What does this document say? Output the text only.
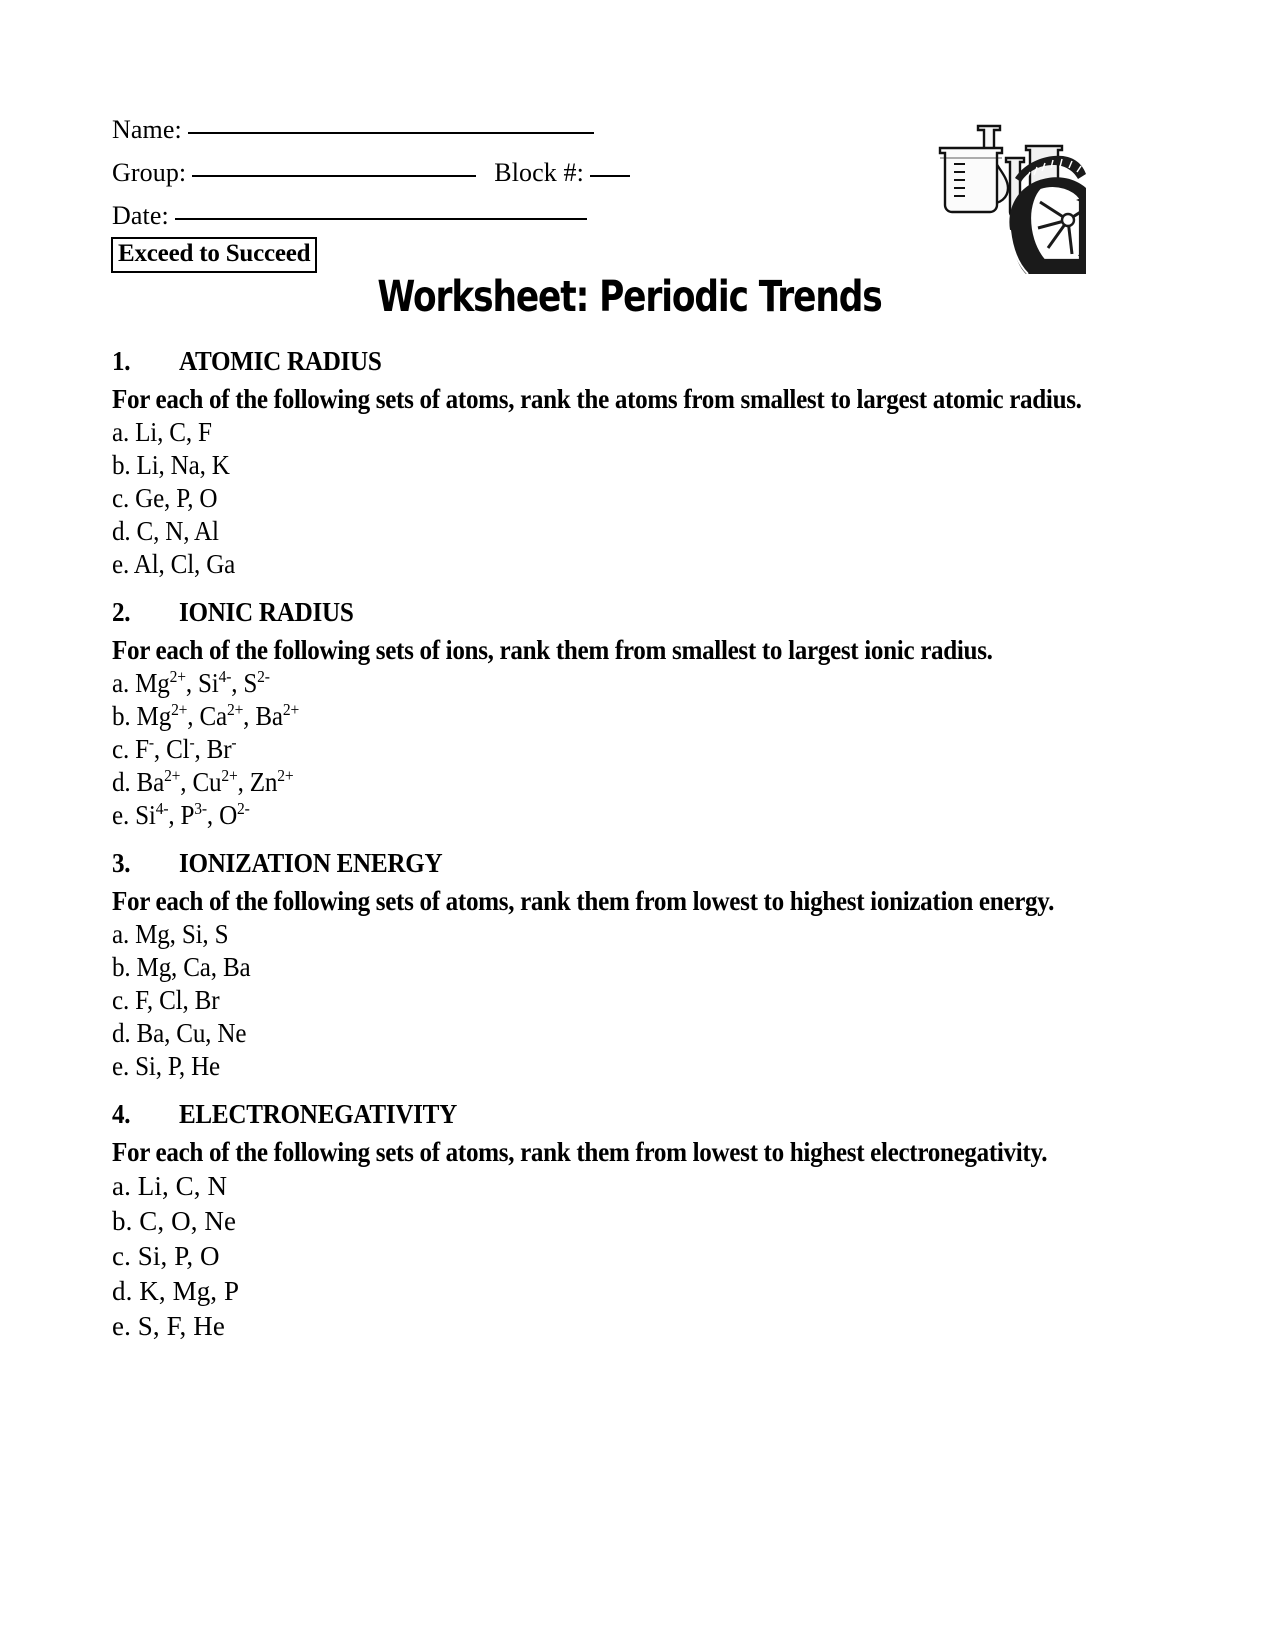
Name:
Group:	Block #:
Date:
Exceed to Succeed
Worksheet: Periodic Trends
1. ATOMIC RADIUS
For each of the following sets of atoms, rank the atoms from smallest to largest atomic radius.
a. Li, C, F
b. Li, Na, K
c. Ge, P, O
d. C, N, Al
e. Al, Cl, Ga
2. IONIC RADIUS
For each of the following sets of ions, rank them from smallest to largest ionic radius.
a. $Mg^{2+}$, $Si^{4-}$, $S^{2-}$
b. $Mg^{2+}$, $Ca^{2+}$, $Ba^{2+}$
c. F-, Cl-, Br-
d. $Ba^{2+}$, $Cu^{2+}$, $Zn^{2+}$
e. $Si^{4-}$, $P^{3-}$, $O^{2-}$
3. IONIZATION ENERGY
For each of the following sets of atoms, rank them from lowest to highest ionization energy.
a. Mg, Si, S
b. Mg, Ca, Ba
c. F, Cl, Br
d. Ba, Cu, Ne
e. Si, P, He
4. ELECTRONEGATIVITY
For each of the following sets of atoms, rank them from lowest to highest electronegativity.
a. Li, C, N
b. C, O, Ne
c. Si, P, O
d. K, Mg, P
e. S, F, He
